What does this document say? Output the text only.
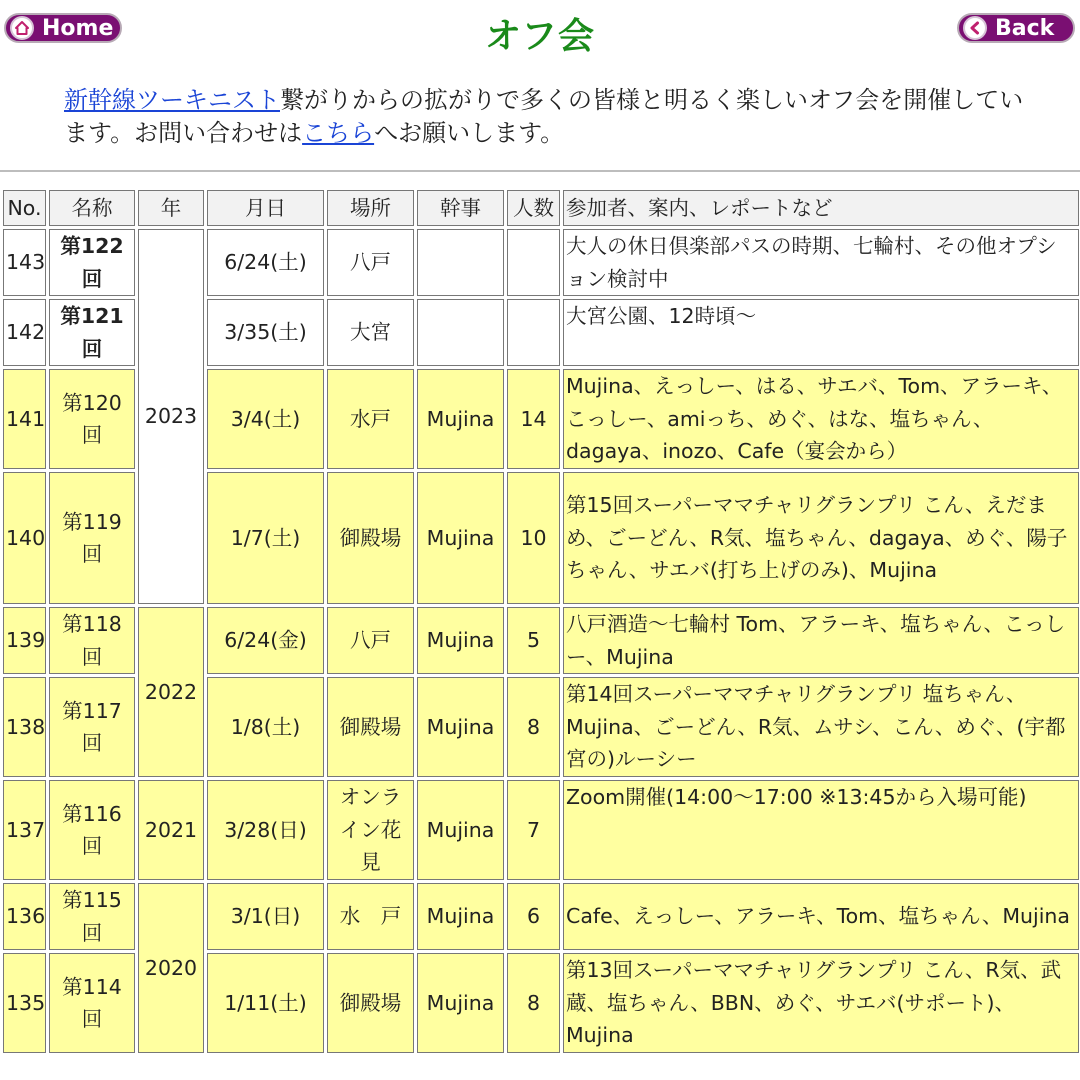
Home	オフ会	Back
新幹線ツーキニスト繋がりからの拡がりで多くの皆様と明るく楽しいオフ会を開催しています。お問い合わせはこちらへお願いします。
No.	名称	年	月日	場所	幹事	人数	参加者、案内、レポートなど
143	第122回	2023	6/24(土)	八戸			大人の休日倶楽部パスの時期、七輪村、その他オプション検討中
142	第121回		3/35(土)	大宮			大宮公園、12時頃～
141	第120回		3/4(土)	水戸	Mujina	14	Mujina、えっしー、はる、サエバ、Tom、アラーキ、こっしー、amiっち、めぐ、はな、塩ちゃん、dagaya、inozo、Cafe（宴会から）
140	第119回		1/7(土)	御殿場	Mujina	10	第15回スーパーママチャリグランプリ こん、えだまめ、ごーどん、R気、塩ちゃん、dagaya、めぐ、陽子ちゃん、サエバ(打ち上げのみ)、Mujina
139	第118回	2022	6/24(金)	八戸	Mujina	5	八戸酒造～七輪村 Tom、アラーキ、塩ちゃん、こっしー、Mujina
138	第117回		1/8(土)	御殿場	Mujina	8	第14回スーパーママチャリグランプリ 塩ちゃん、Mujina、ごーどん、R気、ムサシ、こん、めぐ、(宇都宮の)ルーシー
137	第116回	2021	3/28(日)	オンライン花見	Mujina	7	Zoom開催(14:00～17:00 ※13:45から入場可能)
136	第115回	2020	3/1(日)	水　戸	Mujina	6	Cafe、えっしー、アラーキ、Tom、塩ちゃん、Mujina
135	第114回		1/11(土)	御殿場	Mujina	8	第13回スーパーママチャリグランプリ こん、R気、武蔵、塩ちゃん、BBN、めぐ、サエバ(サポート)、Mujina
